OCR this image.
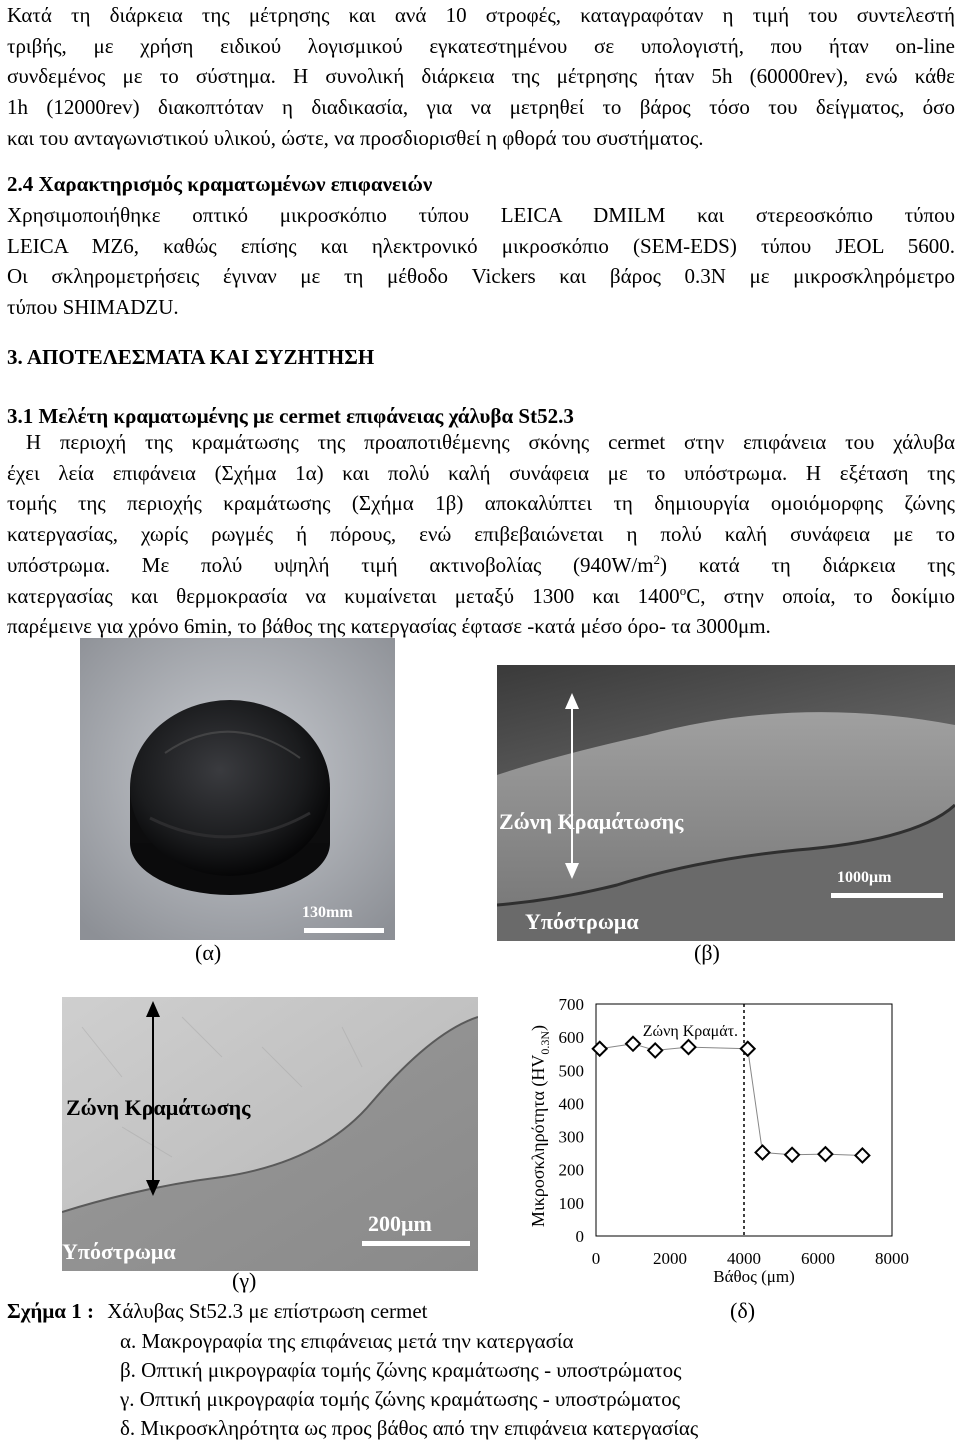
Κατά τη διάρκεια της μέτρησης και ανά 10 στροφές, καταγραφόταν η τιμή του συντελεστή
τριβής, με χρήση ειδικού λογισμικού εγκατεστημένου σε υπολογιστή, που ήταν on-line
συνδεμένος με το σύστημα. Η συνολική διάρκεια της μέτρησης ήταν 5h (60000rev), ενώ κάθε
1h (12000rev) διακοπτόταν η διαδικασία, για να μετρηθεί το βάρος τόσο του δείγματος, όσο
και του ανταγωνιστικού υλικού, ώστε, να προσδιορισθεί η φθορά του συστήματος.
2.4 Χαρακτηρισμός κραματωμένων επιφανειών
Χρησιμοποιήθηκε οπτικό μικροσκόπιο τύπου LEICA DMILM και στερεοσκόπιο τύπου
LEICA MZ6, καθώς επίσης και ηλεκτρονικό μικροσκόπιο (SEM-EDS) τύπου JEOL 5600.
Οι σκληρομετρήσεις έγιναν με τη μέθοδο Vickers και βάρος 0.3N με μικροσκληρόμετρο
τύπου SHIMADZU.
3. ΑΠΟΤΕΛΕΣΜΑΤΑ ΚΑΙ ΣΥΖΗΤΗΣΗ
3.1 Μελέτη κραματωμένης με cermet επιφάνειας χάλυβα St52.3
Η περιοχή της κραμάτωσης της προαποτιθέμενης σκόνης cermet στην επιφάνεια του χάλυβα
έχει λεία επιφάνεια (Σχήμα 1α) και πολύ καλή συνάφεια με το υπόστρωμα. Η εξέταση της
τομής της περιοχής κραμάτωσης (Σχήμα 1β) αποκαλύπτει τη δημιουργία ομοιόμορφης ζώνης
κατεργασίας, χωρίς ρωγμές ή πόρους, ενώ επιβεβαιώνεται η πολύ καλή συνάφεια με το
υπόστρωμα. Με πολύ υψηλή τιμή ακτινοβολίας $(940W/m^2)$ κατά τη διάρκεια της
κατεργασίας και θερμοκρασία να κυμαίνεται μεταξύ 1300 και 1400$^o$C, στην οποία, το δοκίμιο
παρέμεινε για χρόνο 6min, το βάθος της κατεργασίας έφτασε -κατά μέσο όρο- τα 3000μm.
130mm
(α)
Ζώνη Κραμάτωσης
Υπόστρωμα
1000μm
(β)
Ζώνη Κραμάτωσης
Υπόστρωμα
200μm
(γ)
0
100
200
300
400
500
600
700
0	2000 4000 6000 8000
Βάθος (μm)
Μικροσκληρότητα $(HV_{0.3N})$	Ζώνη Κραμάτ.
(δ)
Σχήμα 1 : Χάλυβας St52.3 με επίστρωση cermet
α. Μακρογραφία της επιφάνειας μετά την κατεργασία
β. Οπτική μικρογραφία τομής ζώνης κραμάτωσης - υποστρώματος
γ. Οπτική μικρογραφία τομής ζώνης κραμάτωσης - υποστρώματος
δ. Μικροσκληρότητα ως προς βάθος από την επιφάνεια κατεργασίας
